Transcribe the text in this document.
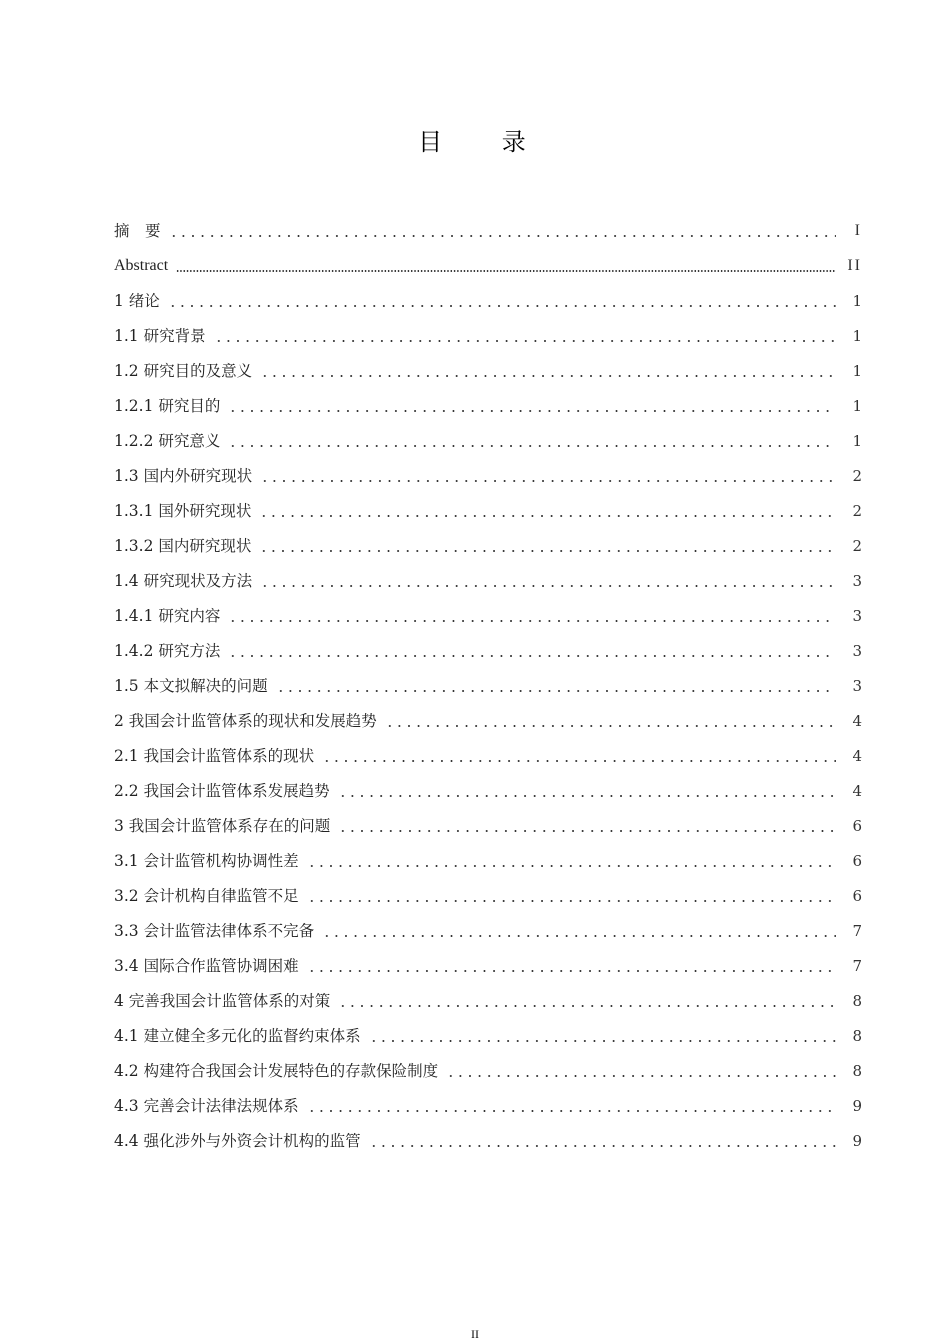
目 录
摘　要	I
Abstract	II
1 绪论	1
1.1 研究背景	1
1.2 研究目的及意义	1
1.2.1 研究目的	1
1.2.2 研究意义	1
1.3 国内外研究现状	2
1.3.1 国外研究现状	2
1.3.2 国内研究现状	2
1.4 研究现状及方法	3
1.4.1 研究内容	3
1.4.2 研究方法	3
1.5 本文拟解决的问题	3
2 我国会计监管体系的现状和发展趋势	4
2.1 我国会计监管体系的现状	4
2.2 我国会计监管体系发展趋势	4
3 我国会计监管体系存在的问题	6
3.1 会计监管机构协调性差	6
3.2 会计机构自律监管不足	6
3.3 会计监管法律体系不完备	7
3.4 国际合作监管协调困难	7
4 完善我国会计监管体系的对策	8
4.1 建立健全多元化的监督约束体系	8
4.2 构建符合我国会计发展特色的存款保险制度	8
4.3 完善会计法律法规体系	9
4.4 强化涉外与外资会计机构的监管	9
II
